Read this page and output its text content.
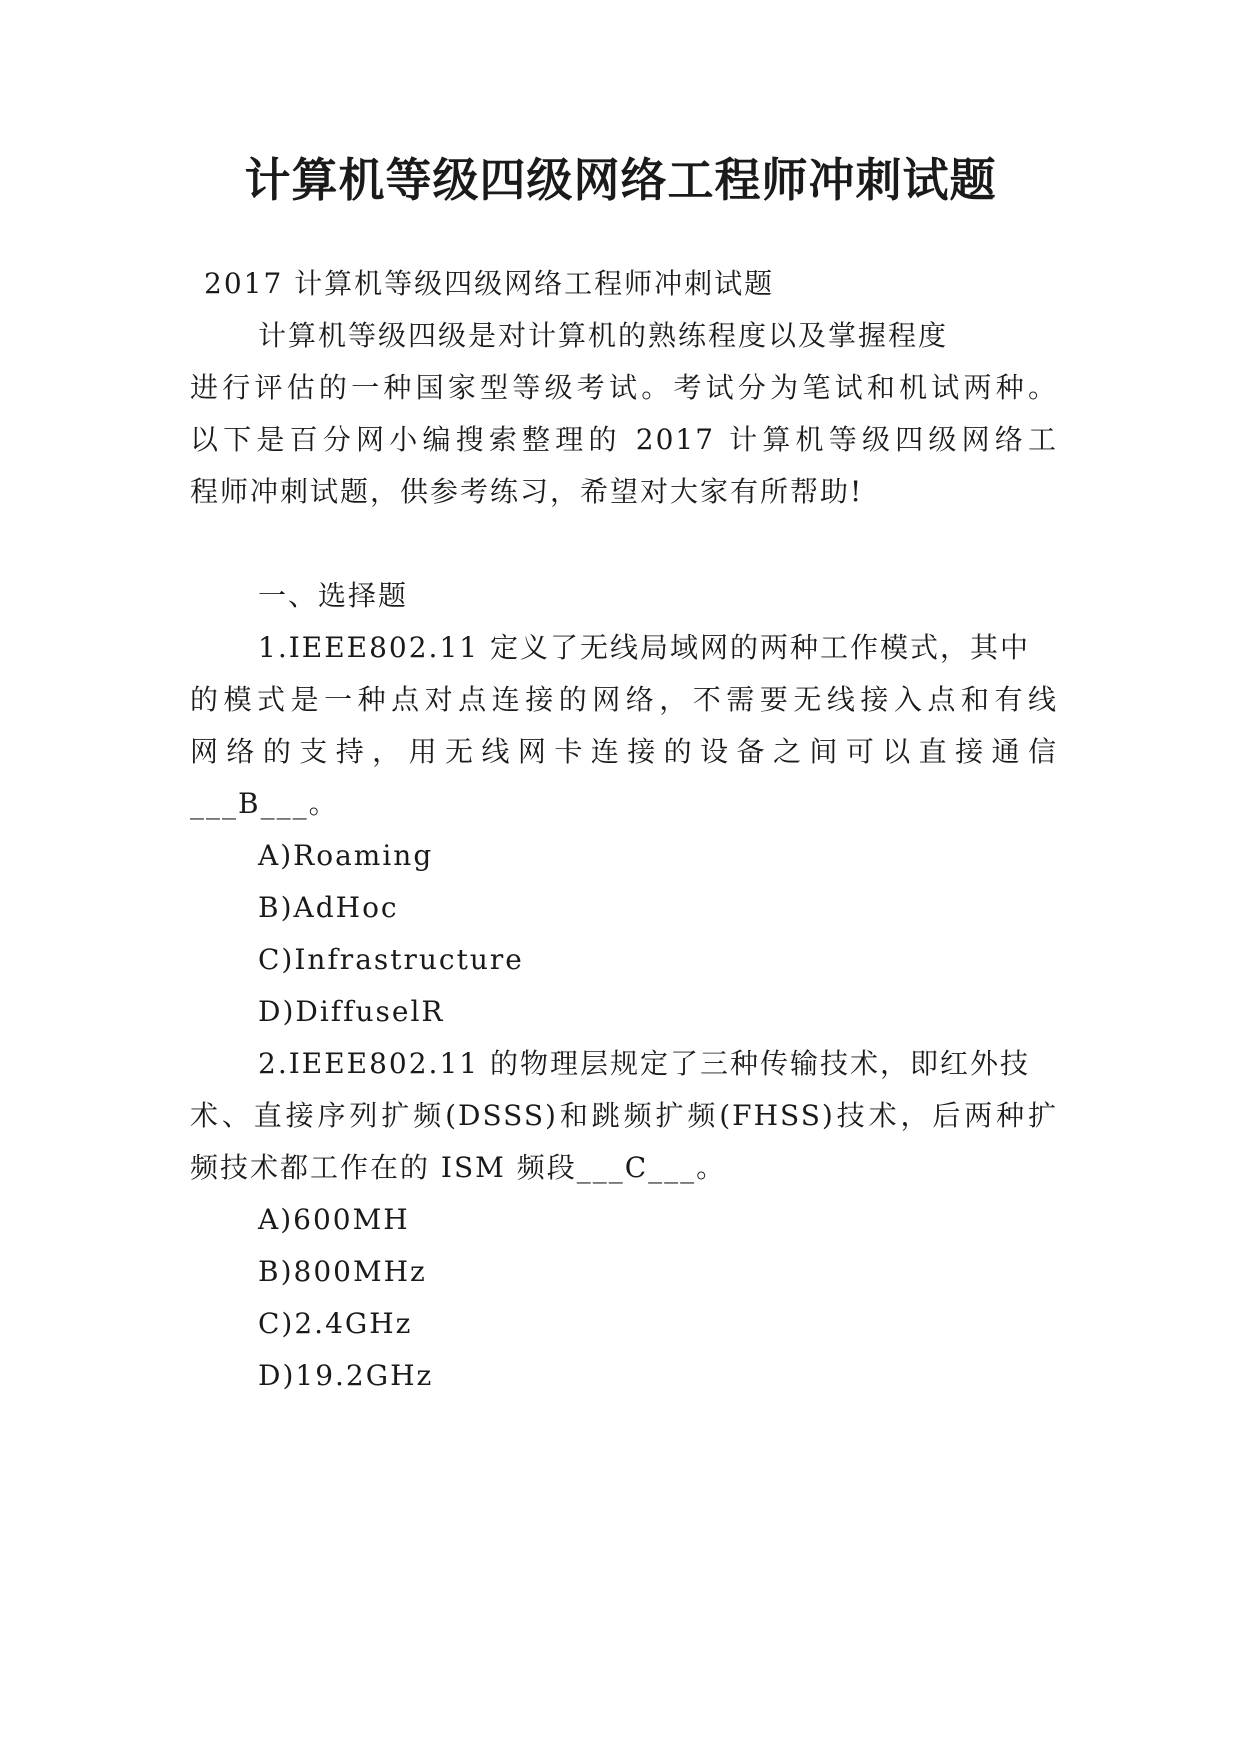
计算机等级四级网络工程师冲刺试题
2017 计算机等级四级网络工程师冲刺试题
计算机等级四级是对计算机的熟练程度以及掌握程度
进行评估的一种国家型等级考试。考试分为笔试和机试两种。
以下是百分网小编搜索整理的 2017 计算机等级四级网络工
程师冲刺试题，供参考练习，希望对大家有所帮助!
一、选择题
1.IEEE802.11 定义了无线局域网的两种工作模式，其中
的模式是一种点对点连接的网络，不需要无线接入点和有线
网络的支持，用无线网卡连接的设备之间可以直接通信
___B___。
A)Roaming
B)AdHoc
C)Infrastructure
D)DiffuselR
2.IEEE802.11 的物理层规定了三种传输技术，即红外技
术、直接序列扩频(DSSS)和跳频扩频(FHSS)技术，后两种扩
频技术都工作在的 ISM 频段___C___。
A)600MH
B)800MHz
C)2.4GHz
D)19.2GHz
